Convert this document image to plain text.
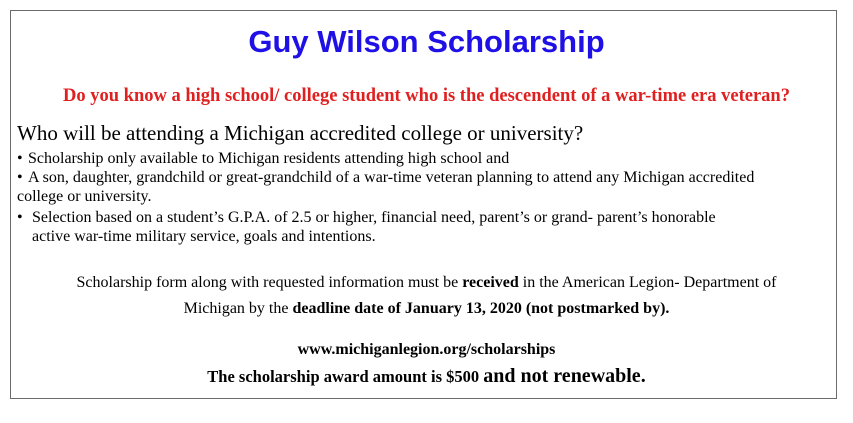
Guy Wilson Scholarship
Do you know a high school/ college student who is the descendent of a war-time era veteran?
Who will be attending a Michigan accredited college or university?
• Scholarship only available to Michigan residents attending high school and
• A son, daughter, grandchild or great-grandchild of a war-time veteran planning to attend any Michigan accredited
college or university.
• Selection based on a student’s G.P.A. of 2.5 or higher, financial need, parent’s or grand- parent’s honorable
active war-time military service, goals and intentions.
Scholarship form along with requested information must be received in the American Legion- Department of
Michigan by the deadline date of January 13, 2020 (not postmarked by).
www.michiganlegion.org/scholarships
The scholarship award amount is $500 and not renewable.
